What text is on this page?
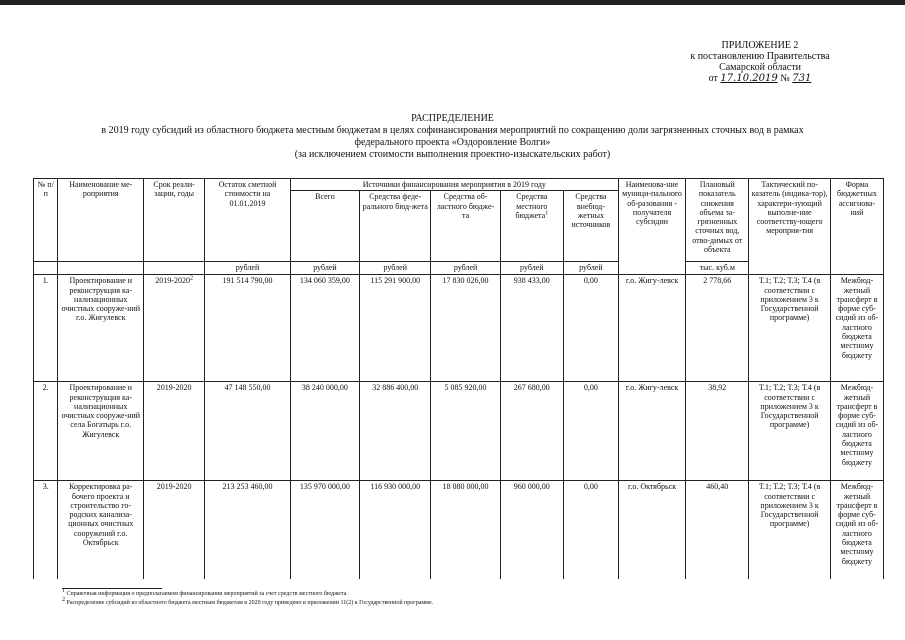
ПРИЛОЖЕНИЕ 2
к постановлению Правительства
Самарской области
от 17.10.2019 № 731
РАСПРЕДЕЛЕНИЕ
в 2019 году субсидий из областного бюджета местным бюджетам в целях софинансирования мероприятий по сокращению доли загрязненных сточных вод в рамках
федерального проекта «Оздоровление Волги»
(за исключением стоимости выполнения проектно-изыскательских работ)
№ п/п	Наименование ме-роприятия	Срок реали-зации, годы	Остаток сметной стоимости на 01.01.2019	Источники финансирования мероприятия в 2019 году					Наименова-ние муници-пального об-разования - получателя субсидии	Плановый показатель снижения объема за-грязненных сточных вод, отво-димых от объекта	Тактический по-казатель (индика-тор), характери-зующий выполне-ние соответству-ющего мероприя-тия	Форма бюджетных ассигнова-ний
				Всего	Средства феде-рального бюд-жета	Средства об-ластного бюдже-та	Средства местного бюджета$^1$	Средства внебюд-жетных источников				
			рублей	рублей	рублей	рублей	рублей	рублей		тыс. куб.м		
1.	Проектирование и реконструкция ка-нализационных очистных сооруже-ний г.о. Жигулевск	2019-2020$^2$	191 514 790,00	134 060 359,00	115 291 900,00	17 830 026,00	938 433,00	0,00	г.о. Жигу-левск	2 778,66	Т.1; Т.2; Т.3; Т.4 (в соответствии с приложением 3 к Государственной программе)	Межбюд-жетный трансферт в форме суб-сидий из об-ластного бюджета местному бюджету
2.	Проектирование и реконструкция ка-нализационных очистных сооруже-ний села Богатырь г.о. Жигулевск	2019-2020	47 148 550,00	38 240 000,00	32 886 400,00	5 085 920,00	267 680,00	0,00	г.о. Жигу-левск	38,92	Т.1; Т.2; Т.3; Т.4 (в соответствии с приложением 3 к Государственной программе)	Межбюд-жетный трансферт в форме суб-сидий из об-ластного бюджета местному бюджету
3.	Корректировка ра-бочего проекта и строительство го-родских канализа-ционных очистных сооружений г.о. Октябрьск	2019-2020	213 253 460,00	135 970 000,00	116 930 000,00	18 080 000,00	960 000,00	0,00	г.о. Октябрьск	460,40	Т.1; Т.2; Т.3; Т.4 (в соответствии с приложением 3 к Государственной программе)	Межбюд-жетный трансферт в форме суб-сидий из об-ластного бюджета местному бюджету
$^1$ Справочная информация о предполагаемом финансировании мероприятий за счет средств местного бюджета.
$^2$ Распределение субсидий из областного бюджета местным бюджетам в 2020 году приведено в приложении 11(2) к Государственной программе.
